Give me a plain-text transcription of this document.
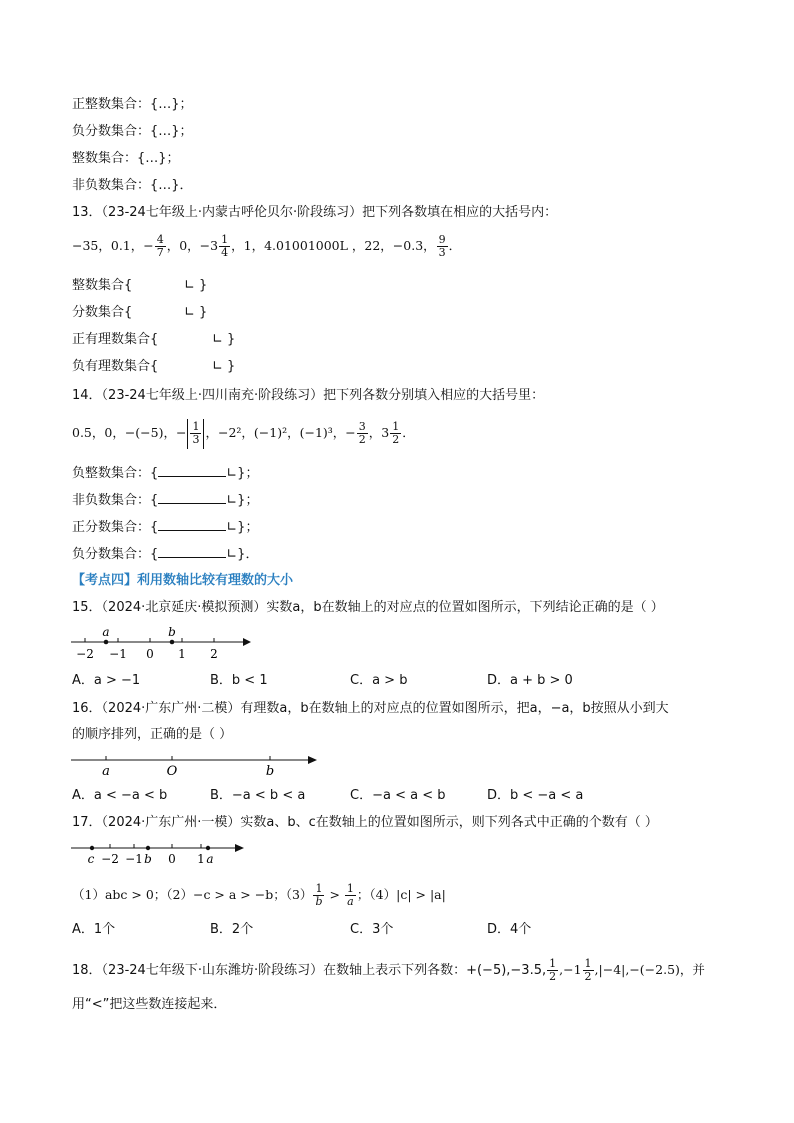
正整数集合：{…}；
负分数集合：{…}；
整数集合：{…}；
非负数集合：{…}．
13．（23-24七年级上·内蒙古呼伦贝尔·阶段练习）把下列各数填在相应的大括号内：
−35，0.1，− $\frac{4}{7}$ ，0，$-3 \frac{1}{4}$ ，1，4.01001000L ，22，−0.3， $\frac{9}{3}$ ．
整数集合{	∟ }
分数集合{	∟ }
正有理数集合{	∟ }
负有理数集合{	∟ }
14．（23-24七年级上·四川南充·阶段练习）把下列各数分别填入相应的大括号里：
0.5，0，−(−5)，− $\frac{1}{3}$ ，−2²，(−1)²，(−1)³，− $\frac{3}{2}$ ，$3 \frac{1}{2}$ ．
负整数集合：{	∟}；
非负数集合：{	∟}；
正分数集合：{	∟}；
负分数集合：{	∟}．
【考点四】利用数轴比较有理数的大小
15．（2024·北京延庆·模拟预测）实数a，b在数轴上的对应点的位置如图所示，下列结论正确的是（ ）
a	b
−2 −1 0 1 2
A．a > −1	B．b < 1	C．a > b	D．a + b > 0
16．（2024·广东广州·二模）有理数a，b在数轴上的对应点的位置如图所示，把a，−a，b按照从小到大
的顺序排列，正确的是（ ）
a	O	b
A．a < −a < b	B．−a < b < a	C．−a < a < b	D．b < −a < a
17．（2024·广东广州·一模）实数a、b、c在数轴上的位置如图所示，则下列各式中正确的个数有（ ）
c −2 −1 b 0 1 a
（1）abc > 0；（2）−c > a > −b；$(3) \frac{1}{b} > \frac{1}{a}$ ；（4）|c| > |a|
A．1个	B．2个	C．3个	D．4个
18．（23-24七年级下·山东潍坊·阶段练习）在数轴上表示下列各数：+(−5),−3.5, $\frac{1}{2} ,-1 \frac{1}{2} ,|-4|,-(-2.5)$，并
用“<”把这些数连接起来．
